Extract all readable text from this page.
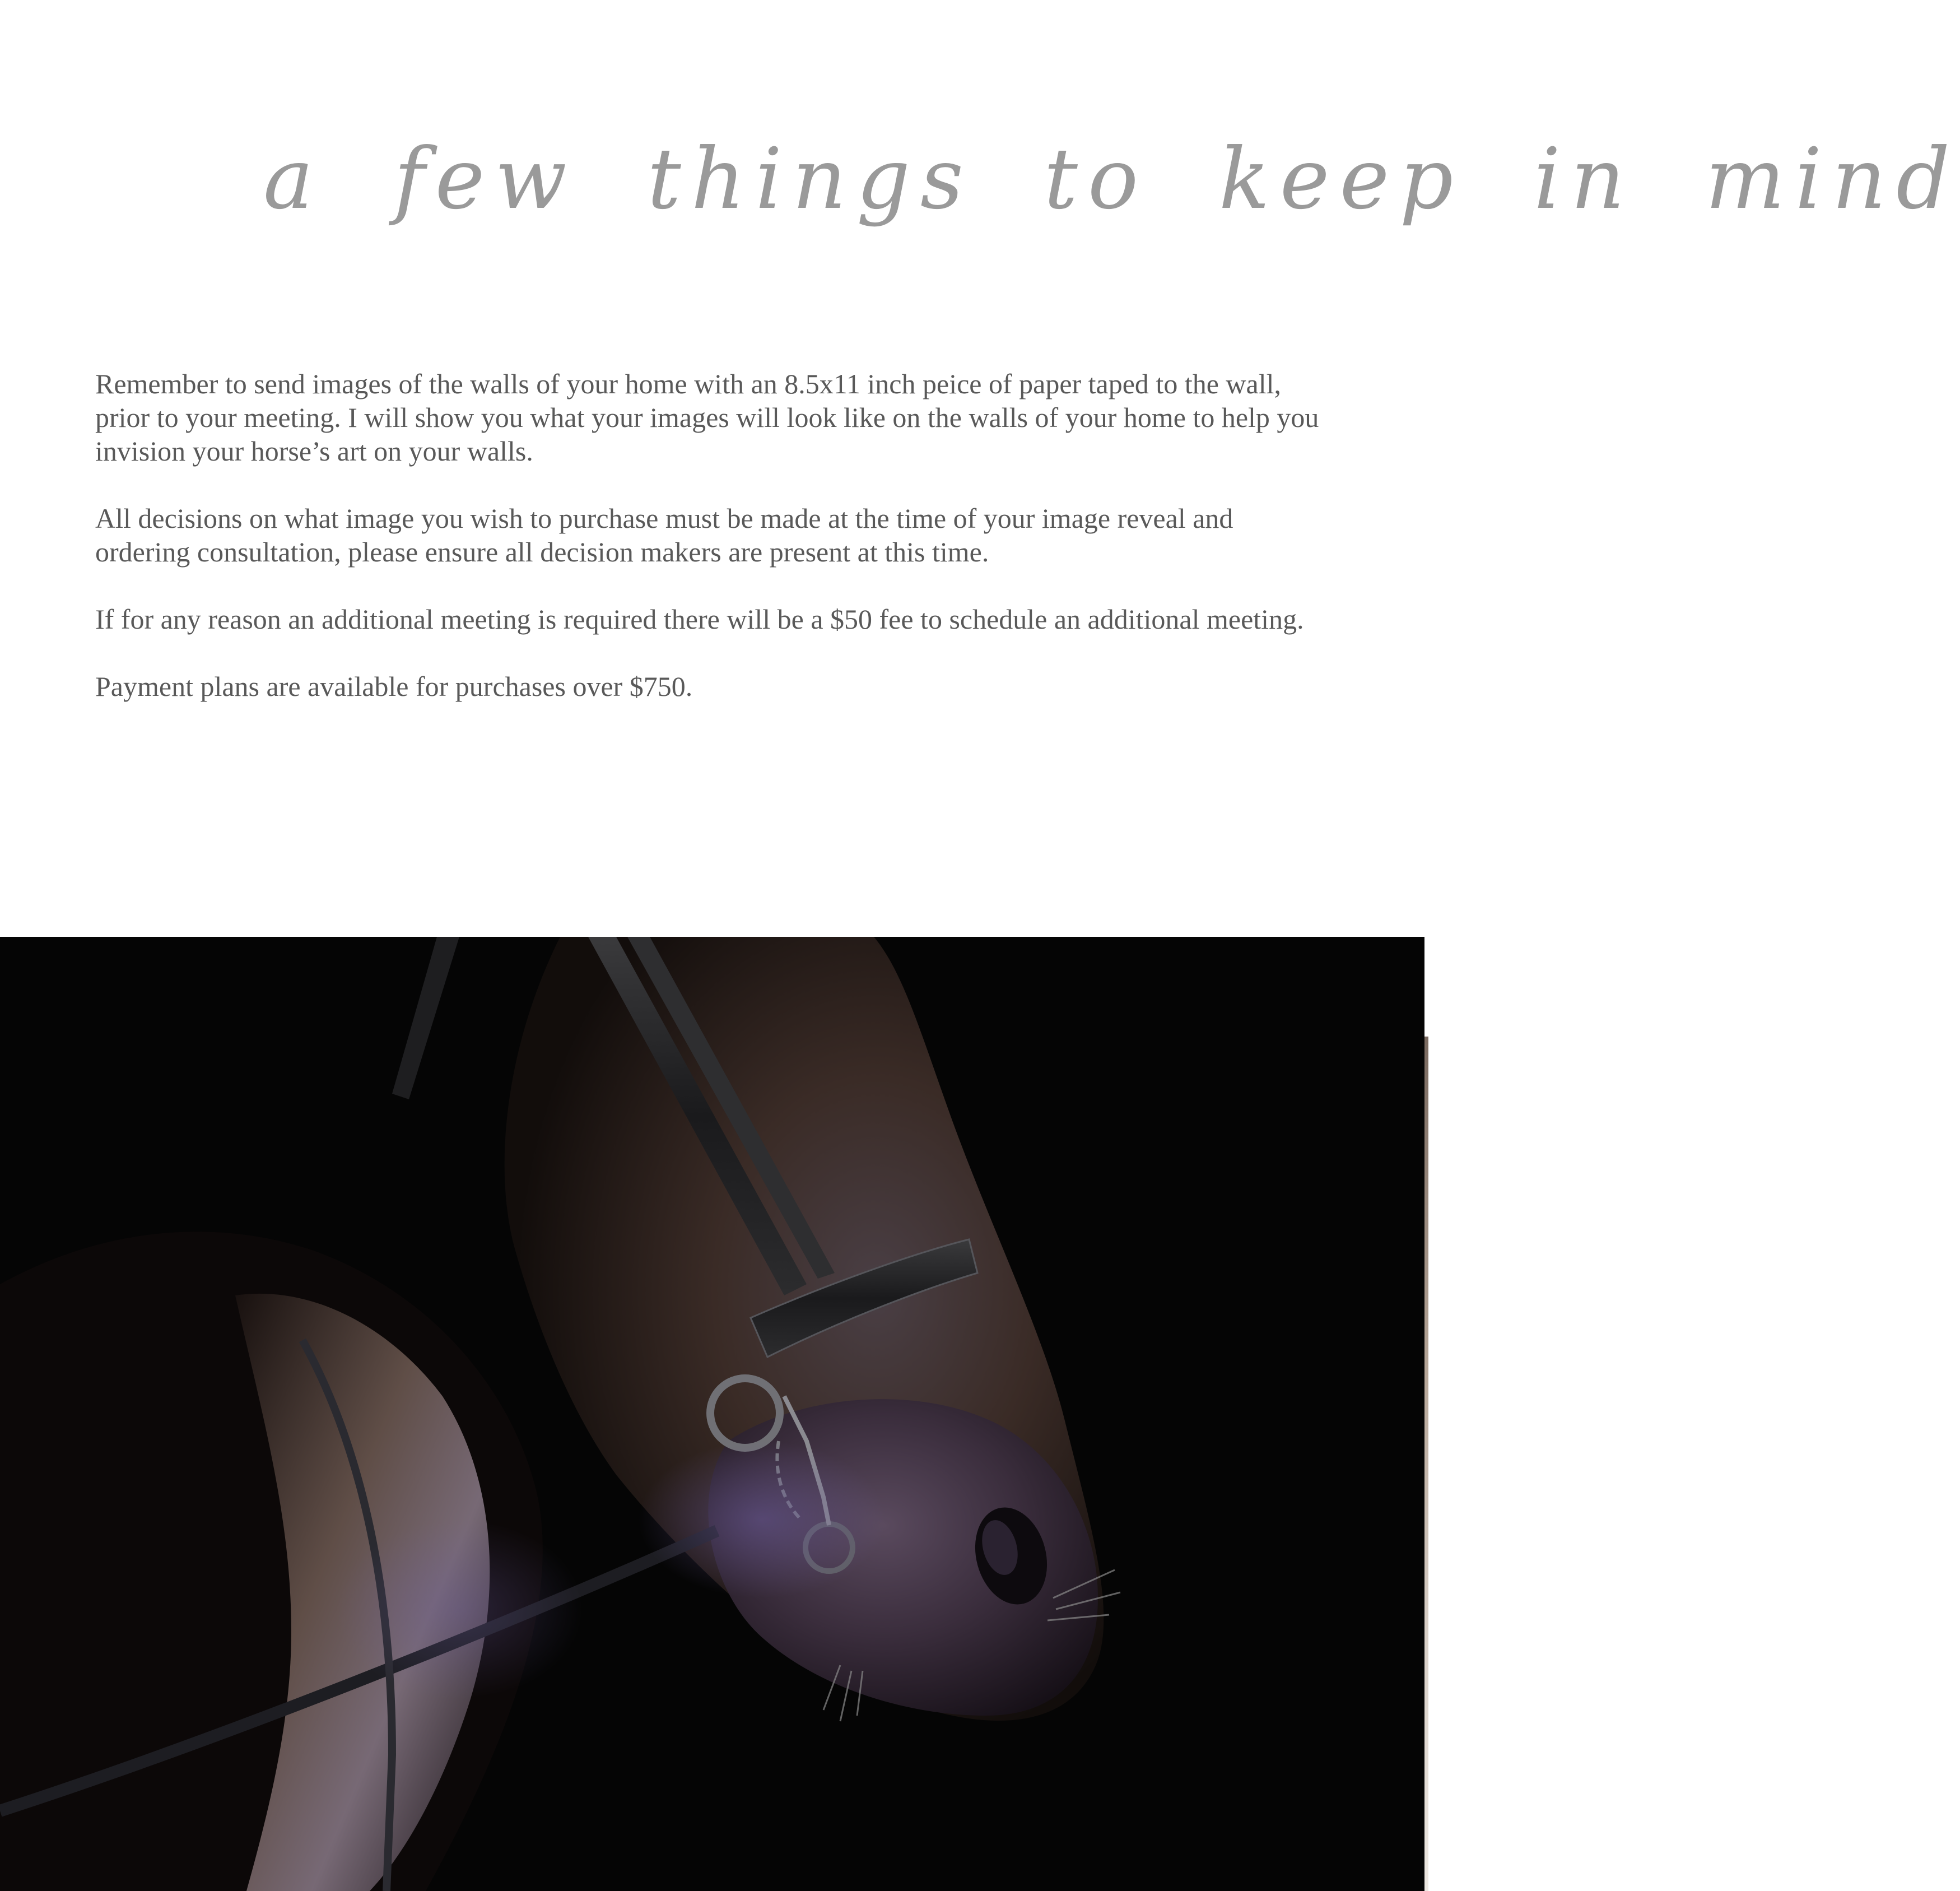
a few things to keep in mind

Remember to send images of the walls of your home with an 8.5x11 inch peice of paper taped to the wall, prior to your meeting. I will show you what your images will look like on the walls of your home to help you invision your horse’s art on your walls.

All decisions on what image you wish to purchase must be made at the time of your image reveal and ordering consultation, please ensure all decision makers are present at this time.

If for any reason an additional meeting is required there will be a $50 fee to schedule an additional meeting.

Payment plans are available for purchases over $750.
